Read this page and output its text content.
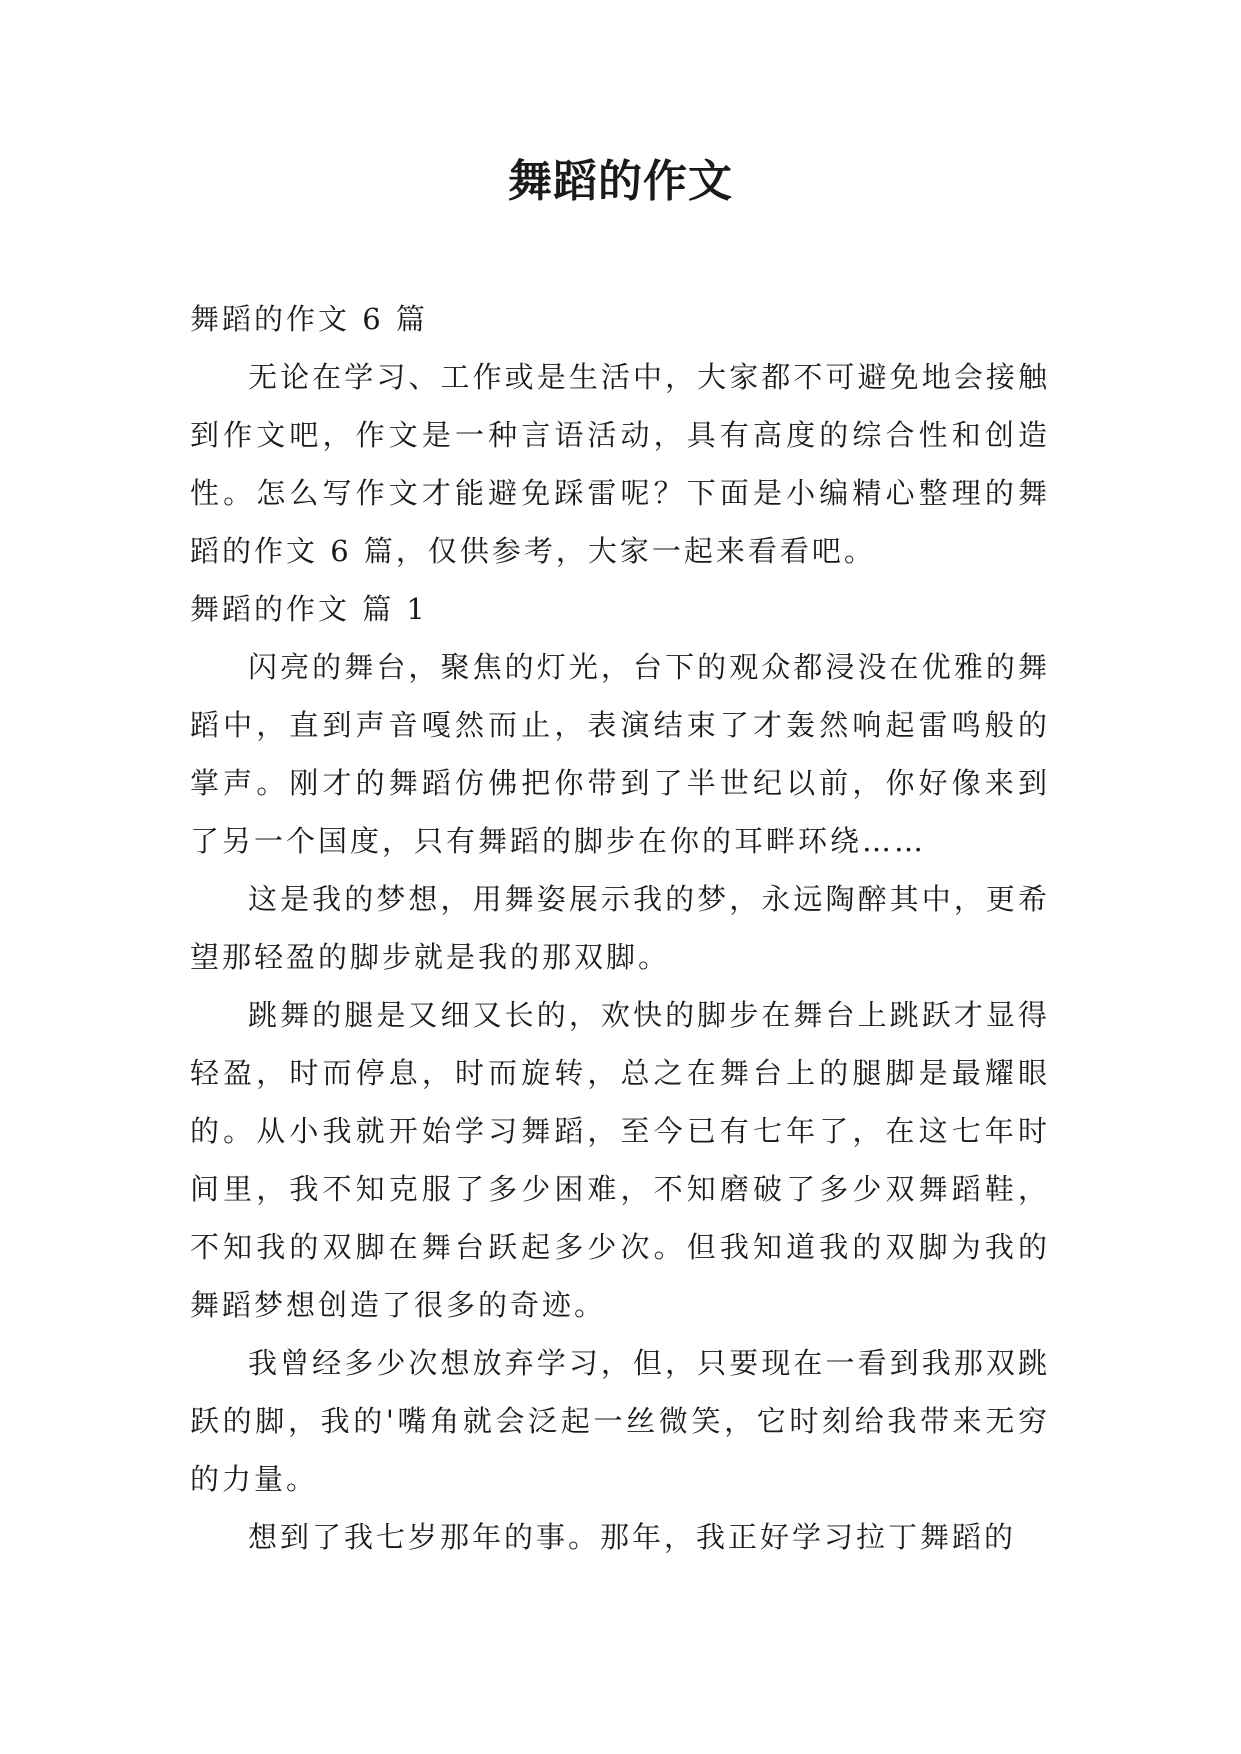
舞蹈的作文

舞蹈的作文 6 篇

无论在学习、工作或是生活中，大家都不可避免地会接触到作文吧，作文是一种言语活动，具有高度的综合性和创造性。怎么写作文才能避免踩雷呢？下面是小编精心整理的舞蹈的作文 6 篇，仅供参考，大家一起来看看吧。

舞蹈的作文 篇 1

闪亮的舞台，聚焦的灯光，台下的观众都浸没在优雅的舞蹈中，直到声音嘎然而止，表演结束了才轰然响起雷鸣般的掌声。刚才的舞蹈仿佛把你带到了半世纪以前，你好像来到了另一个国度，只有舞蹈的脚步在你的耳畔环绕……

这是我的梦想，用舞姿展示我的梦，永远陶醉其中，更希望那轻盈的脚步就是我的那双脚。

跳舞的腿是又细又长的，欢快的脚步在舞台上跳跃才显得轻盈，时而停息，时而旋转，总之在舞台上的腿脚是最耀眼的。从小我就开始学习舞蹈，至今已有七年了，在这七年时间里，我不知克服了多少困难，不知磨破了多少双舞蹈鞋，不知我的双脚在舞台跃起多少次。但我知道我的双脚为我的舞蹈梦想创造了很多的奇迹。

我曾经多少次想放弃学习，但，只要现在一看到我那双跳跃的脚，我的'嘴角就会泛起一丝微笑，它时刻给我带来无穷的力量。

想到了我七岁那年的事。那年，我正好学习拉丁舞蹈的
